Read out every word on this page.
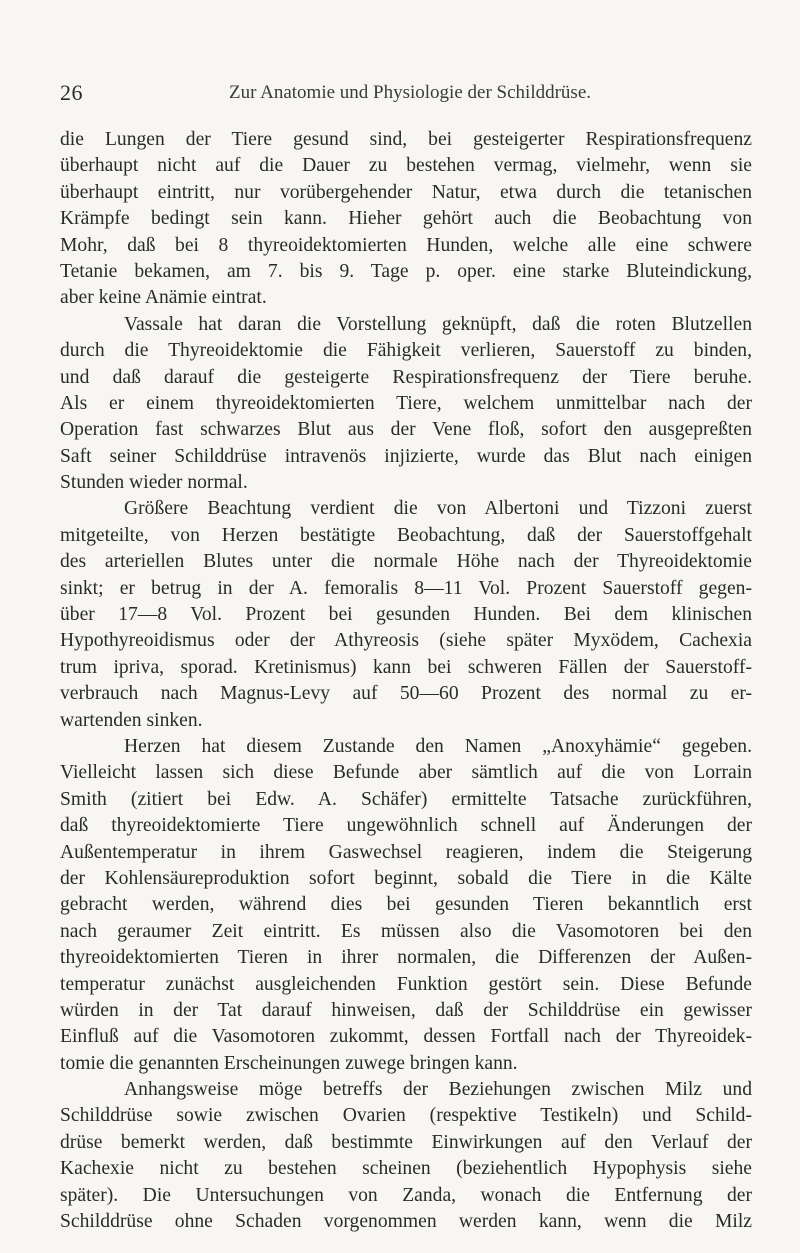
26	Zur Anatomie und Physiologie der Schilddrüse.
die Lungen der Tiere gesund sind, bei gesteigerter Respirationsfrequenz
überhaupt nicht auf die Dauer zu bestehen vermag, vielmehr, wenn sie
überhaupt eintritt, nur vorübergehender Natur, etwa durch die tetanischen
Krämpfe bedingt sein kann. Hieher gehört auch die Beobachtung von
Mohr, daß bei 8 thyreoidektomierten Hunden, welche alle eine schwere
Tetanie bekamen, am 7. bis 9. Tage p. oper. eine starke Bluteindickung,
aber keine Anämie eintrat.
Vassale hat daran die Vorstellung geknüpft, daß die roten Blutzellen
durch die Thyreoidektomie die Fähigkeit verlieren, Sauerstoff zu binden,
und daß darauf die gesteigerte Respirationsfrequenz der Tiere beruhe.
Als er einem thyreoidektomierten Tiere, welchem unmittelbar nach der
Operation fast schwarzes Blut aus der Vene floß, sofort den ausgepreßten
Saft seiner Schilddrüse intravenös injizierte, wurde das Blut nach einigen
Stunden wieder normal.
Größere Beachtung verdient die von Albertoni und Tizzoni zuerst
mitgeteilte, von Herzen bestätigte Beobachtung, daß der Sauerstoffgehalt
des arteriellen Blutes unter die normale Höhe nach der Thyreoidektomie
sinkt; er betrug in der A. femoralis 8—11 Vol. Prozent Sauerstoff gegen-
über 17—8 Vol. Prozent bei gesunden Hunden. Bei dem klinischen
Hypothyreoidismus oder der Athyreosis (siehe später Myxödem, Cachexia
trum ipriva, sporad. Kretinismus) kann bei schweren Fällen der Sauerstoff-
verbrauch nach Magnus-Levy auf 50—60 Prozent des normal zu er-
wartenden sinken.
Herzen hat diesem Zustande den Namen „Anoxyhämie“ gegeben.
Vielleicht lassen sich diese Befunde aber sämtlich auf die von Lorrain
Smith (zitiert bei Edw. A. Schäfer) ermittelte Tatsache zurückführen,
daß thyreoidektomierte Tiere ungewöhnlich schnell auf Änderungen der
Außentemperatur in ihrem Gaswechsel reagieren, indem die Steigerung
der Kohlensäureproduktion sofort beginnt, sobald die Tiere in die Kälte
gebracht werden, während dies bei gesunden Tieren bekanntlich erst
nach geraumer Zeit eintritt. Es müssen also die Vasomotoren bei den
thyreoidektomierten Tieren in ihrer normalen, die Differenzen der Außen-
temperatur zunächst ausgleichenden Funktion gestört sein. Diese Befunde
würden in der Tat darauf hinweisen, daß der Schilddrüse ein gewisser
Einfluß auf die Vasomotoren zukommt, dessen Fortfall nach der Thyreoidek-
tomie die genannten Erscheinungen zuwege bringen kann.
Anhangsweise möge betreffs der Beziehungen zwischen Milz und
Schilddrüse sowie zwischen Ovarien (respektive Testikeln) und Schild-
drüse bemerkt werden, daß bestimmte Einwirkungen auf den Verlauf der
Kachexie nicht zu bestehen scheinen (beziehentlich Hypophysis siehe
später). Die Untersuchungen von Zanda, wonach die Entfernung der
Schilddrüse ohne Schaden vorgenommen werden kann, wenn die Milz
